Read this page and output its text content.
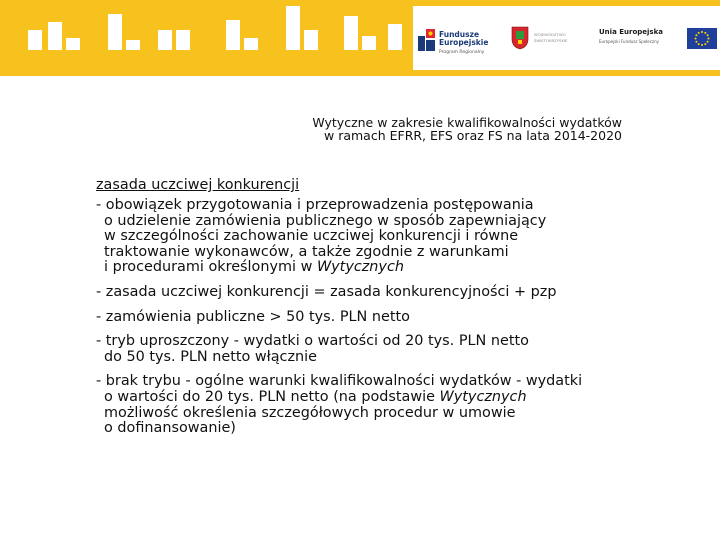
Fundusze
Europejskie
Program Regionalny
WOJEWÓDZTWO
ŚWIĘTOKRZYSKIE
Unia Europejska
Europejski Fundusz Społeczny
Wytyczne w zakresie kwalifikowalności wydatków
w ramach EFRR, EFS oraz FS na lata 2014-2020
zasada uczciwej konkurencji
- obowiązek przygotowania i przeprowadzenia postępowania
o udzielenie zamówienia publicznego w sposób zapewniający
w szczególności zachowanie uczciwej konkurencji i równe
traktowanie wykonawców, a także zgodnie z warunkami
i procedurami określonymi w Wytycznych
- zasada uczciwej konkurencji = zasada konkurencyjności + pzp
- zamówienia publiczne > 50 tys. PLN netto
- tryb uproszczony - wydatki o wartości od 20 tys. PLN netto
do 50 tys. PLN netto włącznie
- brak trybu - ogólne warunki kwalifikowalności wydatków - wydatki
o wartości do 20 tys. PLN netto (na podstawie Wytycznych
możliwość określenia szczegółowych procedur w umowie
o dofinansowanie)
